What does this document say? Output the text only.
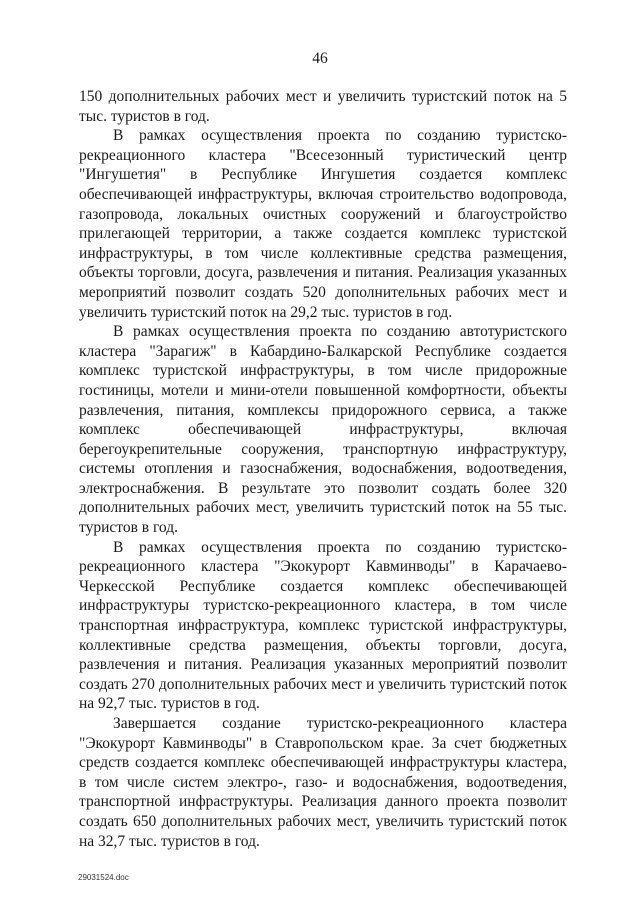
46

150 дополнительных рабочих мест и увеличить туристский поток на 5 тыс. туристов в год.

В рамках осуществления проекта по созданию туристско-рекреационного кластера "Всесезонный туристический центр "Ингушетия" в Республике Ингушетия создается комплекс обеспечивающей инфраструктуры, включая строительство водопровода, газопровода, локальных очистных сооружений и благоустройство прилегающей территории, а также создается комплекс туристской инфраструктуры, в том числе коллективные средства размещения, объекты торговли, досуга, развлечения и питания. Реализация указанных мероприятий позволит создать 520 дополнительных рабочих мест и увеличить туристский поток на 29,2 тыс. туристов в год.

В рамках осуществления проекта по созданию автотуристского кластера "Зарагиж" в Кабардино-Балкарской Республике создается комплекс туристской инфраструктуры, в том числе придорожные гостиницы, мотели и мини-отели повышенной комфортности, объекты развлечения, питания, комплексы придорожного сервиса, а также комплекс обеспечивающей инфраструктуры, включая берегоукрепительные сооружения, транспортную инфраструктуру, системы отопления и газоснабжения, водоснабжения, водоотведения, электроснабжения. В результате это позволит создать более 320 дополнительных рабочих мест, увеличить туристский поток на 55 тыс. туристов в год.

В рамках осуществления проекта по созданию туристско-рекреационного кластера "Экокурорт Кавминводы" в Карачаево-Черкесской Республике создается комплекс обеспечивающей инфраструктуры туристско-рекреационного кластера, в том числе транспортная инфраструктура, комплекс туристской инфраструктуры, коллективные средства размещения, объекты торговли, досуга, развлечения и питания. Реализация указанных мероприятий позволит создать 270 дополнительных рабочих мест и увеличить туристский поток на 92,7 тыс. туристов в год.

Завершается создание туристско-рекреационного кластера "Экокурорт Кавминводы" в Ставропольском крае. За счет бюджетных средств создается комплекс обеспечивающей инфраструктуры кластера, в том числе систем электро-, газо- и водоснабжения, водоотведения, транспортной инфраструктуры. Реализация данного проекта позволит создать 650 дополнительных рабочих мест, увеличить туристский поток на 32,7 тыс. туристов в год.

29031524.doc
